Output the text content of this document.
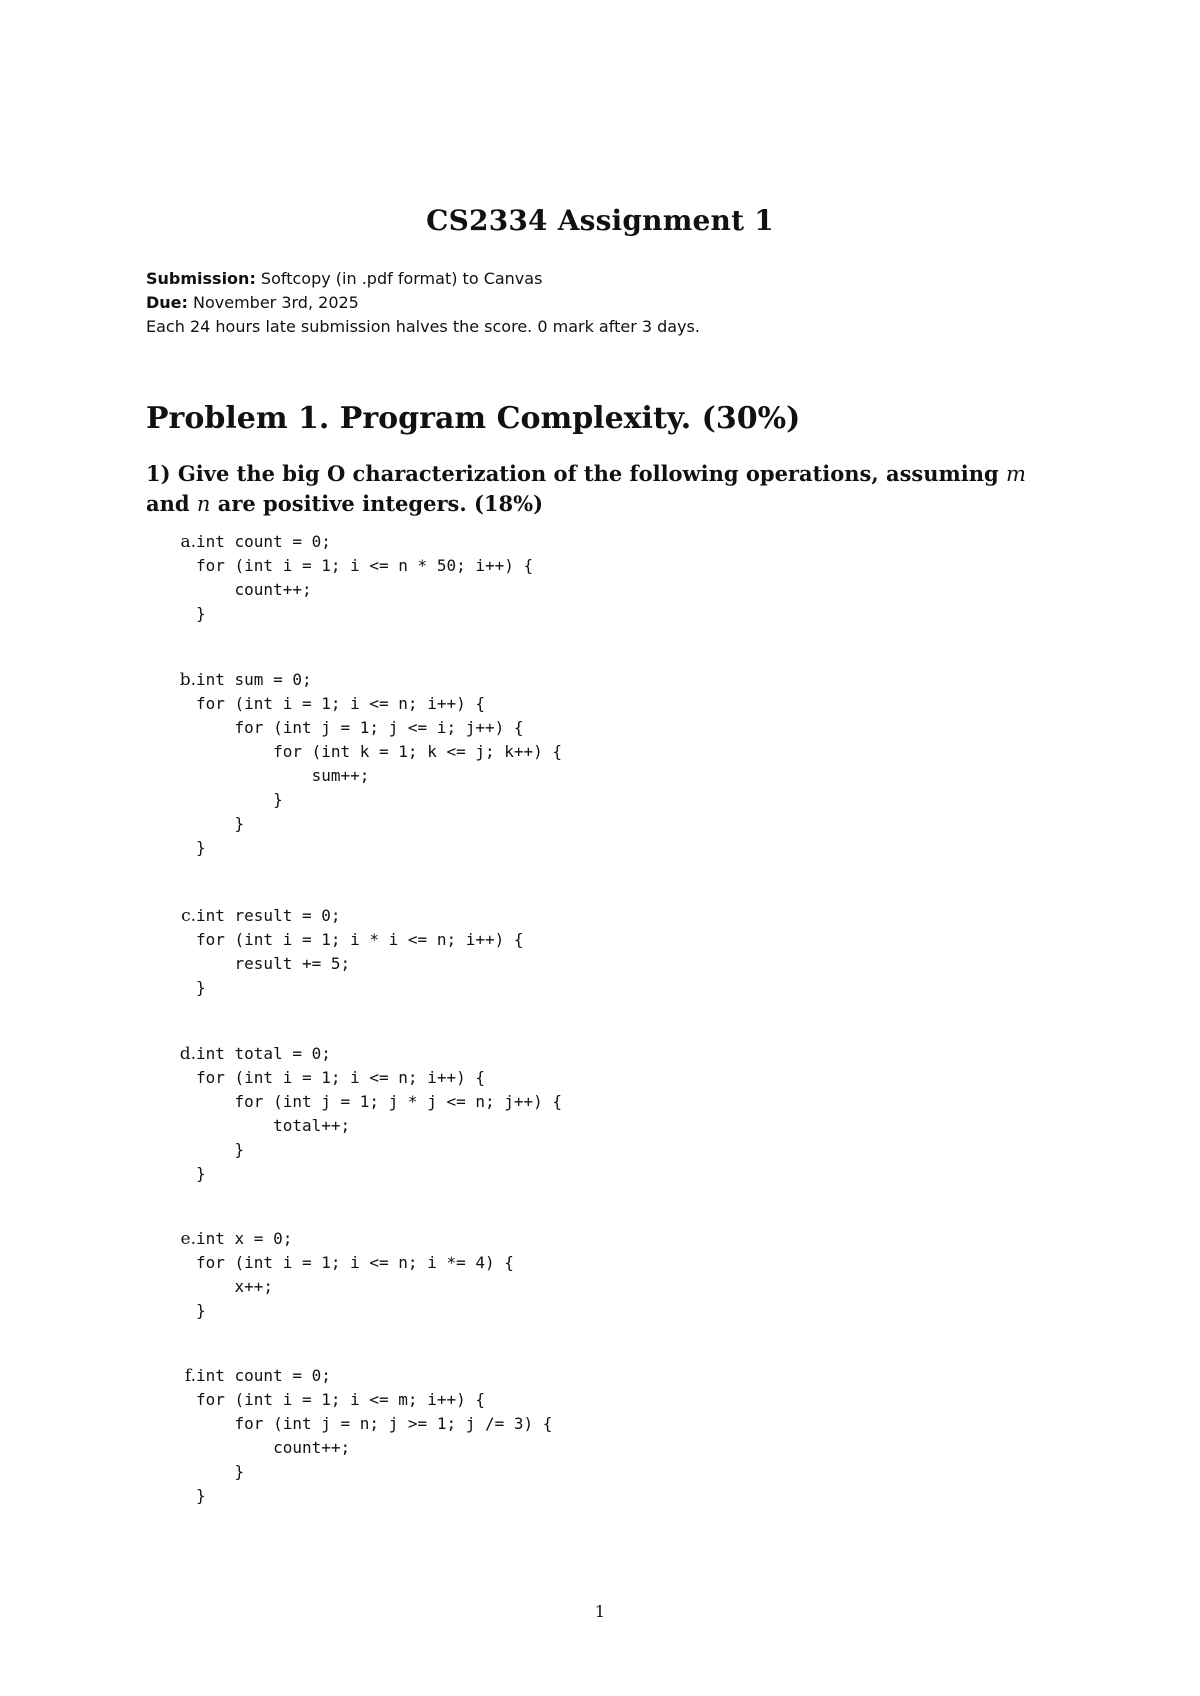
CS2334 Assignment 1
Submission: Softcopy (in .pdf format) to Canvas
Due: November 3rd, 2025
Each 24 hours late submission halves the score. 0 mark after 3 days.
Problem 1. Program Complexity. (30%)
1) Give the big O characterization of the following operations, assuming m
and n are positive integers. (18%)
a. int count = 0;
for (int i = 1; i <= n * 50; i++) {
count++;
}
b. int sum = 0;
for (int i = 1; i <= n; i++) {
for (int j = 1; j <= i; j++) {
for (int k = 1; k <= j; k++) {
sum++;
}
}
}
c. int result = 0;
for (int i = 1; i * i <= n; i++) {
result += 5;
}
d. int total = 0;
for (int i = 1; i <= n; i++) {
for (int j = 1; j * j <= n; j++) {
total++;
}
}
e. int x = 0;
for (int i = 1; i <= n; i *= 4) {
x++;
}
f. int count = 0;
for (int i = 1; i <= m; i++) {
for (int j = n; j >= 1; j /= 3) {
count++;
}
}
1
